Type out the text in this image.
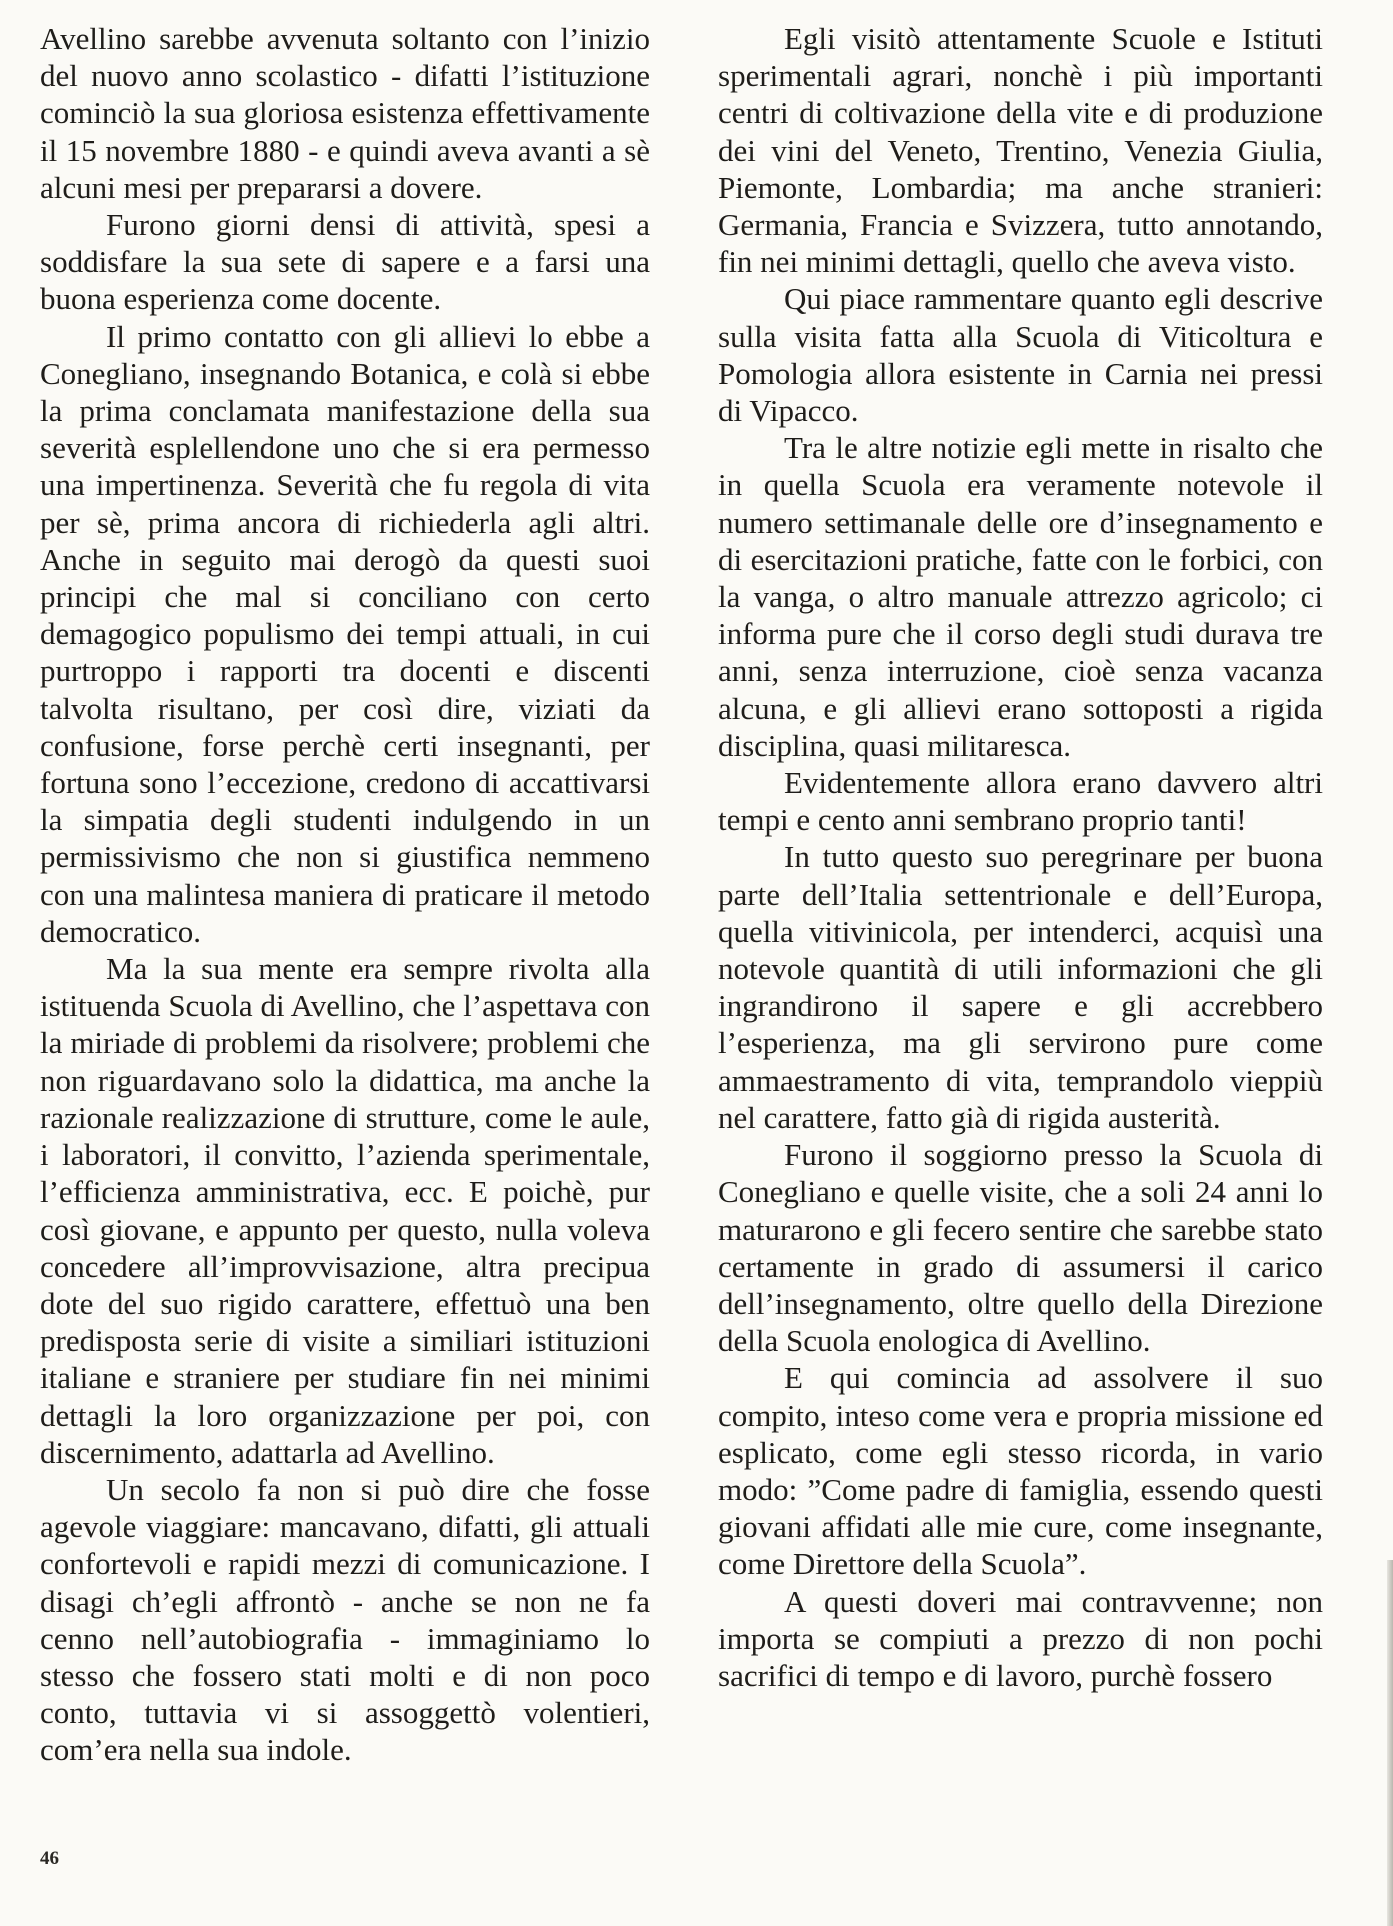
Avellino sarebbe avvenuta soltanto con l’inizio del nuovo anno scolastico - difatti l’istituzione cominciò la sua gloriosa esistenza effettivamente il 15 novembre 1880 - e quindi aveva avanti a sè alcuni mesi per prepararsi a dovere.

Furono giorni densi di attività, spesi a soddisfare la sua sete di sapere e a farsi una buona esperienza come docente.

Il primo contatto con gli allievi lo ebbe a Conegliano, insegnando Botanica, e colà si ebbe la prima conclamata manifestazione della sua severità esplellendone uno che si era permesso una impertinenza. Severità che fu regola di vita per sè, prima ancora di richiederla agli altri. Anche in seguito mai derogò da questi suoi principi che mal si conciliano con certo demagogico populismo dei tempi attuali, in cui purtroppo i rapporti tra docenti e discenti talvolta risultano, per così dire, viziati da confusione, forse perchè certi insegnanti, per fortuna sono l’eccezione, credono di accattivarsi la simpatia degli studenti indulgendo in un permissivismo che non si giustifica nemmeno con una malintesa maniera di praticare il metodo democratico.

Ma la sua mente era sempre rivolta alla istituenda Scuola di Avellino, che l’aspettava con la miriade di problemi da risolvere; problemi che non riguardavano solo la didattica, ma anche la razionale realizzazione di strutture, come le aule, i laboratori, il convitto, l’azienda sperimentale, l’efficienza amministrativa, ecc. E poichè, pur così giovane, e appunto per questo, nulla voleva concedere all’improvvisazione, altra precipua dote del suo rigido carattere, effettuò una ben predisposta serie di visite a similiari istituzioni italiane e straniere per studiare fin nei minimi dettagli la loro organizzazione per poi, con discernimento, adattarla ad Avellino.

Un secolo fa non si può dire che fosse agevole viaggiare: mancavano, difatti, gli attuali confortevoli e rapidi mezzi di comunicazione. I disagi ch’egli affrontò - anche se non ne fa cenno nell’autobiografia - immaginiamo lo stesso che fossero stati molti e di non poco conto, tuttavia vi si assoggettò volentieri, com’era nella sua indole.

Egli visitò attentamente Scuole e Istituti sperimentali agrari, nonchè i più importanti centri di coltivazione della vite e di produzione dei vini del Veneto, Trentino, Venezia Giulia, Piemonte, Lombardia; ma anche stranieri: Germania, Francia e Svizzera, tutto annotando, fin nei minimi dettagli, quello che aveva visto.

Qui piace rammentare quanto egli descrive sulla visita fatta alla Scuola di Viticoltura e Pomologia allora esistente in Carnia nei pressi di Vipacco.

Tra le altre notizie egli mette in risalto che in quella Scuola era veramente notevole il numero settimanale delle ore d’insegnamento e di esercitazioni pratiche, fatte con le forbici, con la vanga, o altro manuale attrezzo agricolo; ci informa pure che il corso degli studi durava tre anni, senza interruzione, cioè senza vacanza alcuna, e gli allievi erano sottoposti a rigida disciplina, quasi militaresca.

Evidentemente allora erano davvero altri tempi e cento anni sembrano proprio tanti!

In tutto questo suo peregrinare per buona parte dell’Italia settentrionale e dell’Europa, quella vitivinicola, per intenderci, acquisì una notevole quantità di utili informazioni che gli ingrandirono il sapere e gli accrebbero l’esperienza, ma gli servirono pure come ammaestramento di vita, temprandolo vieppiù nel carattere, fatto già di rigida austerità.

Furono il soggiorno presso la Scuola di Conegliano e quelle visite, che a soli 24 anni lo maturarono e gli fecero sentire che sarebbe stato certamente in grado di assumersi il carico dell’insegnamento, oltre quello della Direzione della Scuola enologica di Avellino.

E qui comincia ad assolvere il suo compito, inteso come vera e propria missione ed esplicato, come egli stesso ricorda, in vario modo: ”Come padre di famiglia, essendo questi giovani affidati alle mie cure, come insegnante, come Direttore della Scuola”.

A questi doveri mai contravvenne; non importa se compiuti a prezzo di non pochi sacrifici di tempo e di lavoro, purchè fossero

46
